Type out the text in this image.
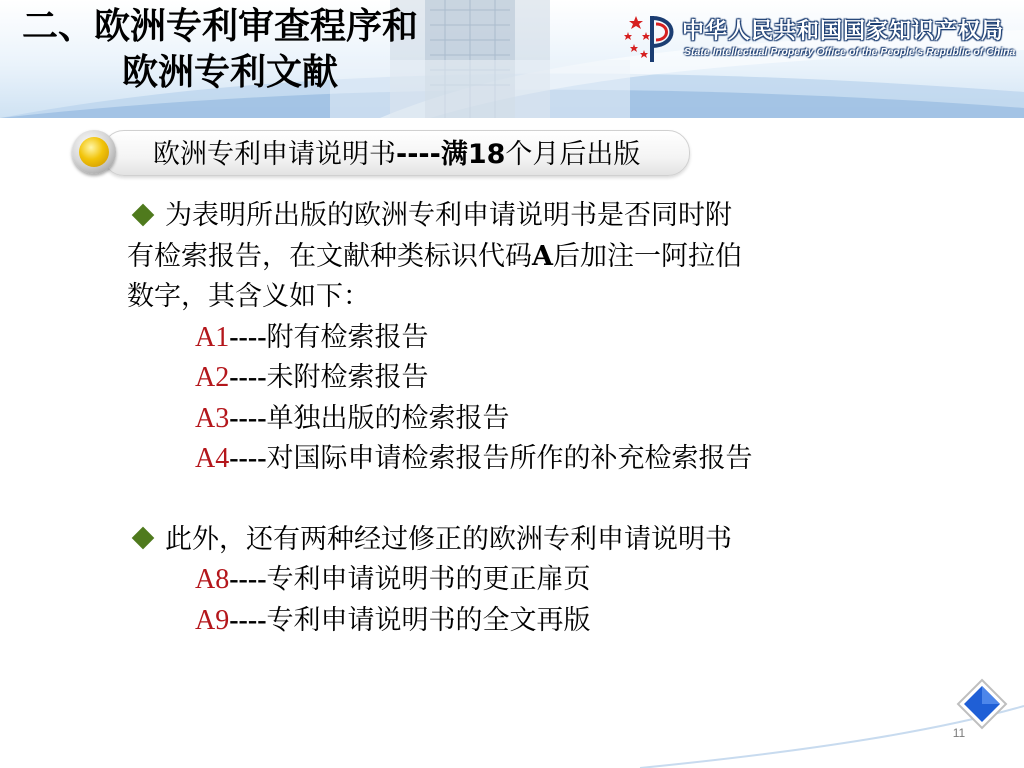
二、欧洲专利审查程序和
欧洲专利文献
中华人民共和国国家知识产权局
State Intellectual Property Office of the People's Republic of China
欧洲专利申请说明书----满18个月后出版

为表明所出版的欧洲专利申请说明书是否同时附
有检索报告，在文献种类标识代码A后加注一阿拉伯
数字，其含义如下：

A1----附有检索报告
A2----未附检索报告
A3----单独出版的检索报告
A4----对国际申请检索报告所作的补充检索报告

此外，还有两种经过修正的欧洲专利申请说明书

A8----专利申请说明书的更正扉页
A9----专利申请说明书的全文再版
11
